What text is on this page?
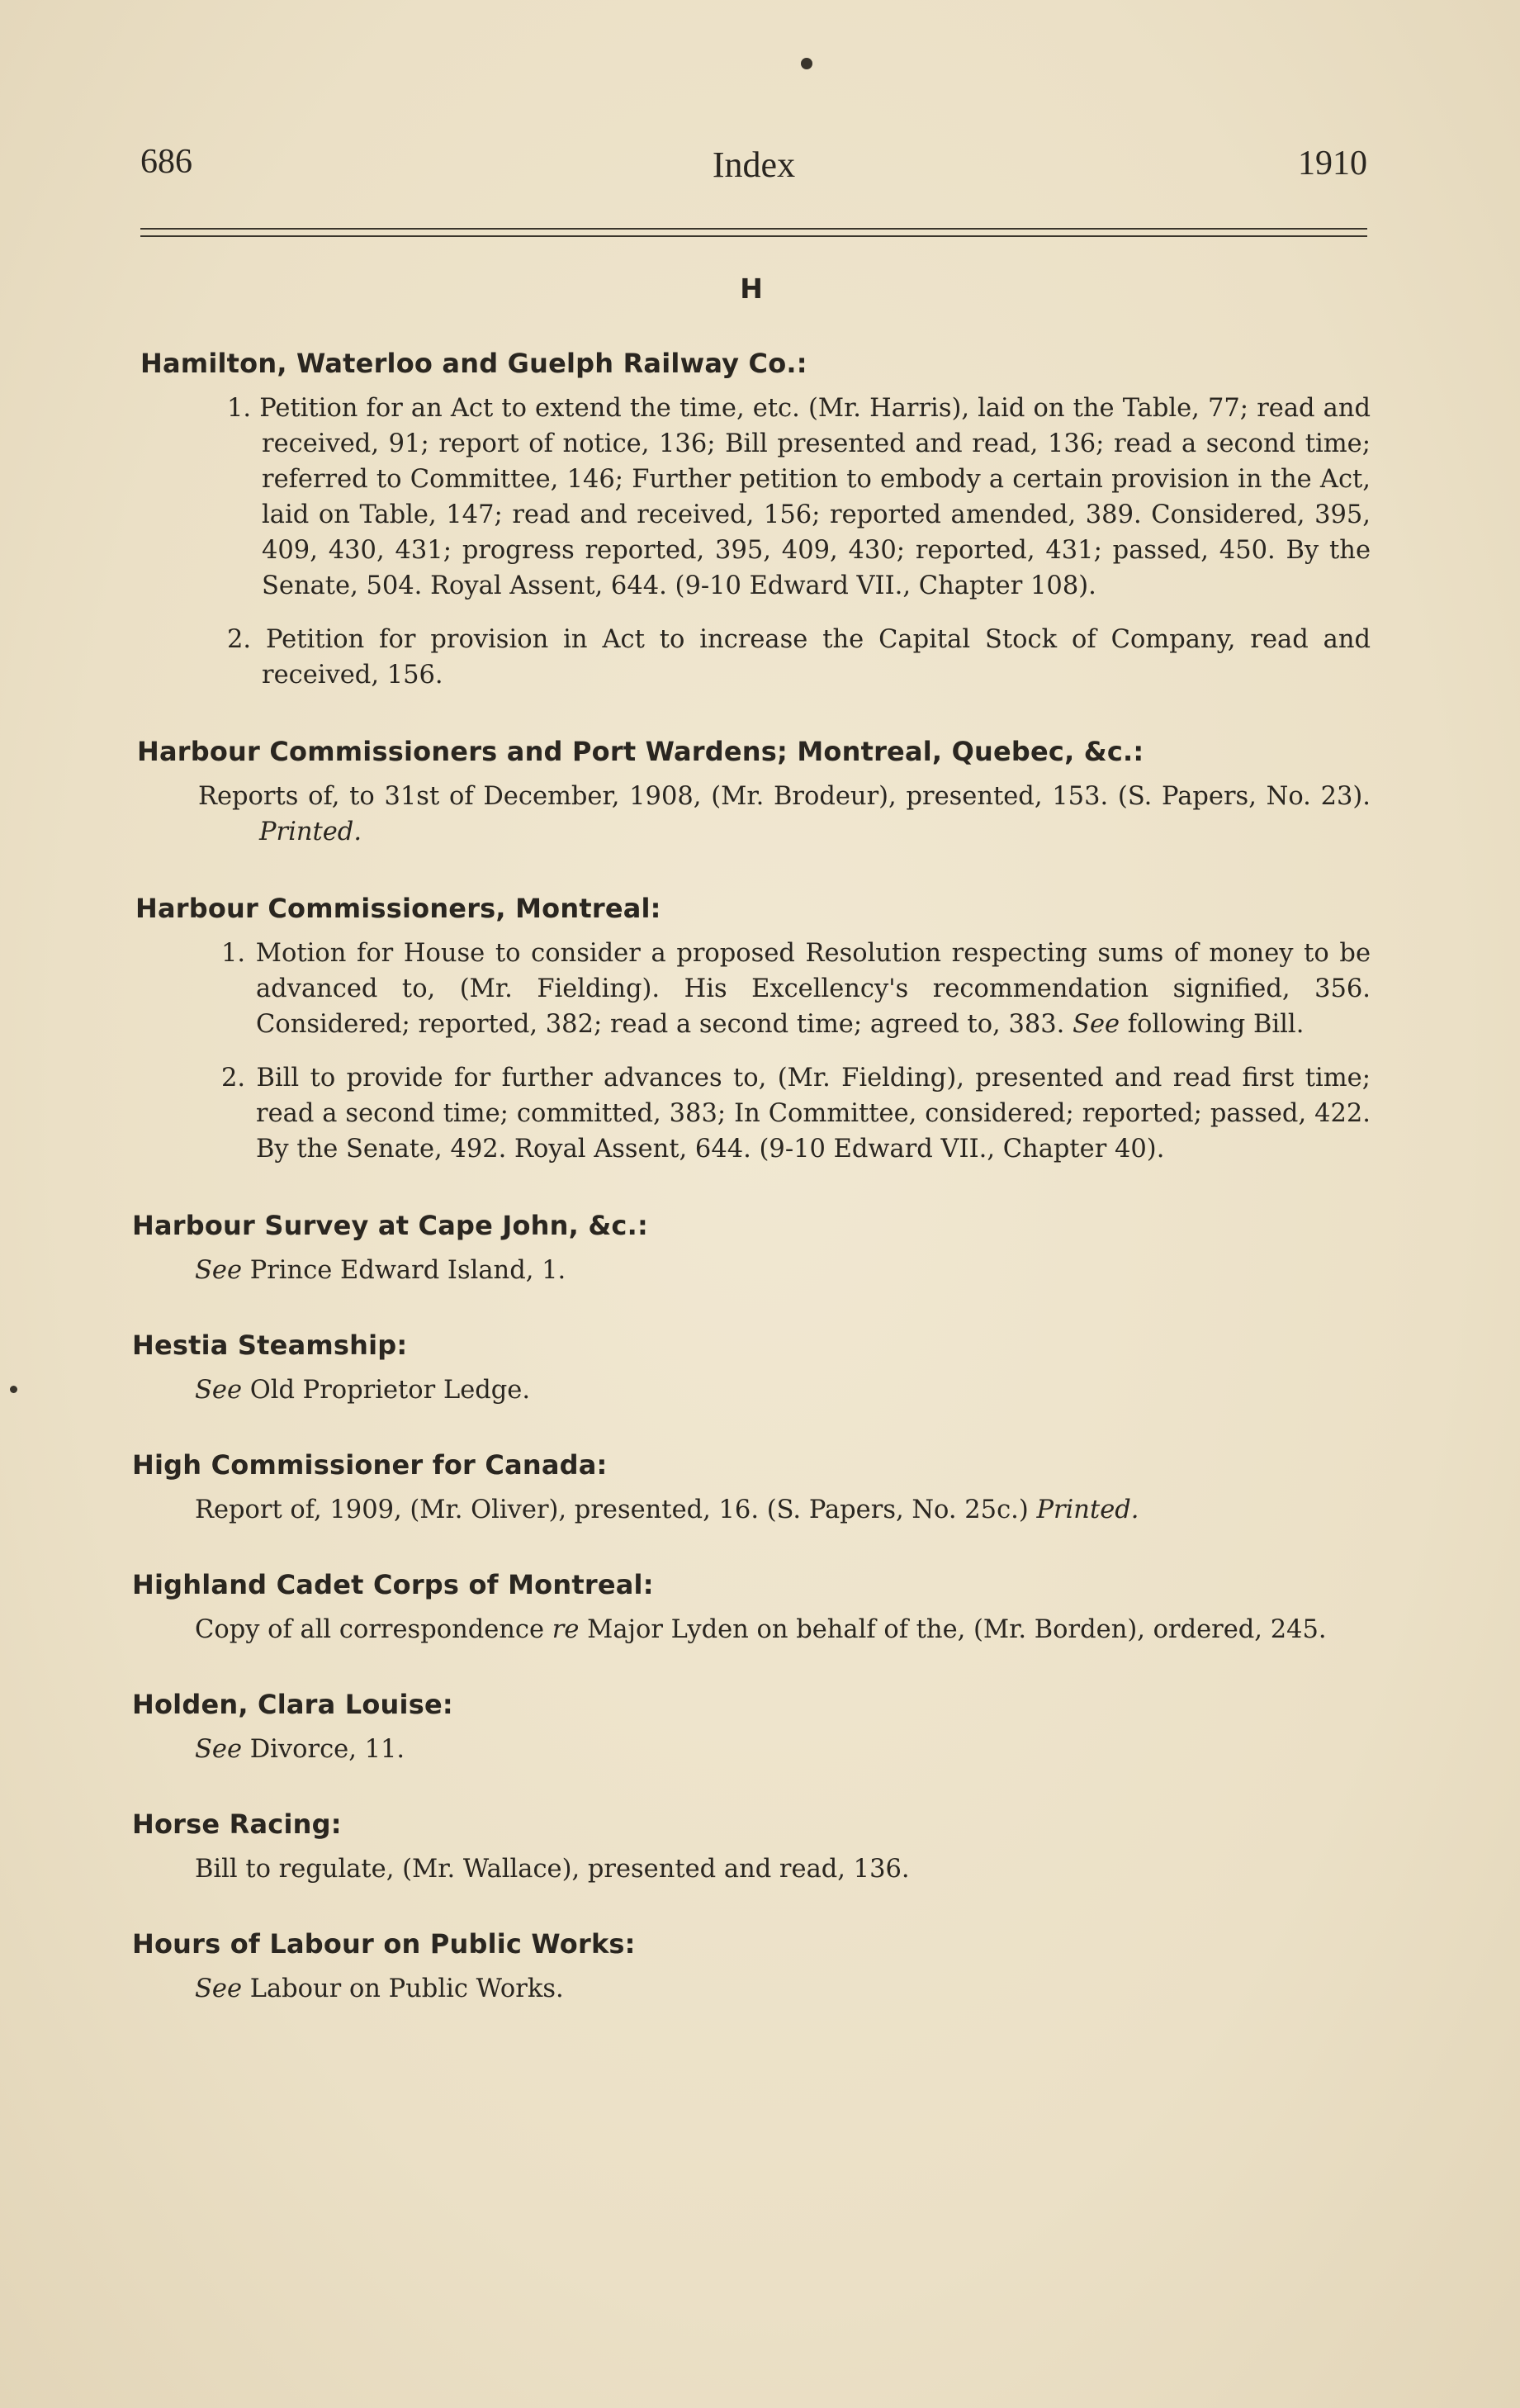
686	Index	1910
H
Hamilton, Waterloo and Guelph Railway Co.:
1. Petition for an Act to extend the time, etc. (Mr. Harris), laid on the Table, 77; read and received, 91; report of notice, 136; Bill presented and read, 136; read a second time; referred to Committee, 146; Further petition to embody a certain provision in the Act, laid on Table, 147; read and received, 156; reported amended, 389. Considered, 395, 409, 430, 431; progress reported, 395, 409, 430; reported, 431; passed, 450. By the Senate, 504. Royal Assent, 644. (9-10 Edward VII., Chapter 108).
2. Petition for provision in Act to increase the Capital Stock of Company, read and received, 156.
Harbour Commissioners and Port Wardens; Montreal, Quebec, &c.:
Reports of, to 31st of December, 1908, (Mr. Brodeur), presented, 153. (S. Papers, No. 23). Printed.
Harbour Commissioners, Montreal:
1. Motion for House to consider a proposed Resolution respecting sums of money to be advanced to, (Mr. Fielding). His Excellency's recommendation signified, 356. Considered; reported, 382; read a second time; agreed to, 383. See following Bill.
2. Bill to provide for further advances to, (Mr. Fielding), presented and read first time; read a second time; committed, 383; In Committee, considered; reported; passed, 422. By the Senate, 492. Royal Assent, 644. (9-10 Edward VII., Chapter 40).
Harbour Survey at Cape John, &c.:
See Prince Edward Island, 1.
Hestia Steamship:
See Old Proprietor Ledge.
High Commissioner for Canada:
Report of, 1909, (Mr. Oliver), presented, 16. (S. Papers, No. 25c.) Printed.
Highland Cadet Corps of Montreal:
Copy of all correspondence re Major Lyden on behalf of the, (Mr. Borden), ordered, 245.
Holden, Clara Louise:
See Divorce, 11.
Horse Racing:
Bill to regulate, (Mr. Wallace), presented and read, 136.
Hours of Labour on Public Works:
See Labour on Public Works.
